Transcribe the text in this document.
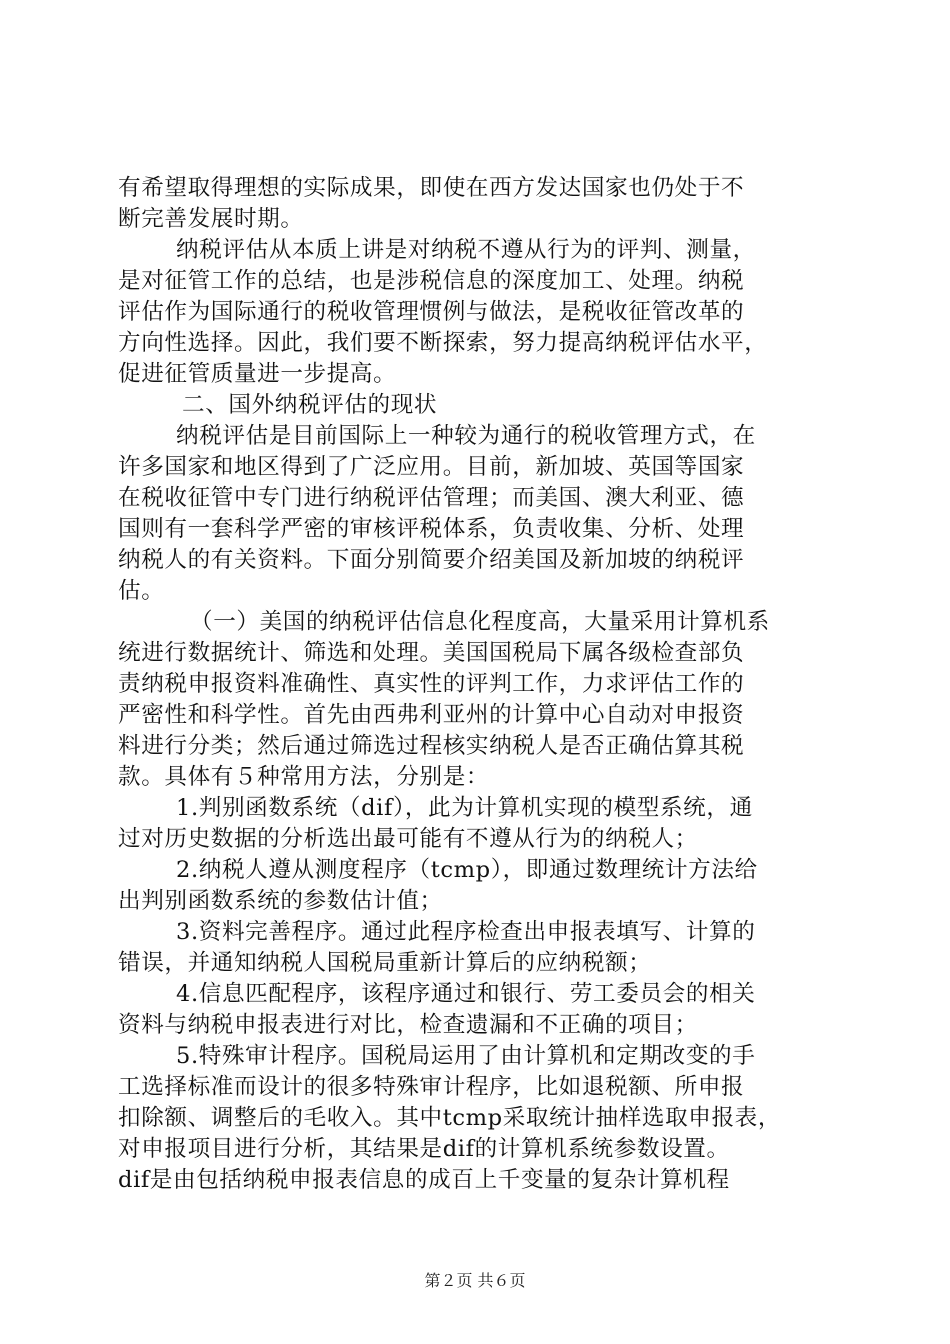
有希望取得理想的实际成果，即使在西方发达国家也仍处于不
断完善发展时期。
纳税评估从本质上讲是对纳税不遵从行为的评判、测量，
是对征管工作的总结，也是涉税信息的深度加工、处理。纳税
评估作为国际通行的税收管理惯例与做法，是税收征管改革的
方向性选择。因此，我们要不断探索，努力提高纳税评估水平，
促进征管质量进一步提高。
二、国外纳税评估的现状
纳税评估是目前国际上一种较为通行的税收管理方式，在
许多国家和地区得到了广泛应用。目前，新加坡、英国等国家
在税收征管中专门进行纳税评估管理；而美国、澳大利亚、德
国则有一套科学严密的审核评税体系，负责收集、分析、处理
纳税人的有关资料。下面分别简要介绍美国及新加坡的纳税评
估。
（一）美国的纳税评估信息化程度高，大量采用计算机系
统进行数据统计、筛选和处理。美国国税局下属各级检查部负
责纳税申报资料准确性、真实性的评判工作，力求评估工作的
严密性和科学性。首先由西弗利亚州的计算中心自动对申报资
料进行分类；然后通过筛选过程核实纳税人是否正确估算其税
款。具体有５种常用方法，分别是：
1.判别函数系统（dif），此为计算机实现的模型系统，通
过对历史数据的分析选出最可能有不遵从行为的纳税人；
2.纳税人遵从测度程序（tcmp），即通过数理统计方法给
出判别函数系统的参数估计值；
3.资料完善程序。通过此程序检查出申报表填写、计算的
错误，并通知纳税人国税局重新计算后的应纳税额；
4.信息匹配程序，该程序通过和银行、劳工委员会的相关
资料与纳税申报表进行对比，检查遗漏和不正确的项目；
5.特殊审计程序。国税局运用了由计算机和定期改变的手
工选择标准而设计的很多特殊审计程序，比如退税额、所申报
扣除额、调整后的毛收入。其中tcmp采取统计抽样选取申报表，
对申报项目进行分析，其结果是dif的计算机系统参数设置。
dif是由包括纳税申报表信息的成百上千变量的复杂计算机程
第２页 共６页
